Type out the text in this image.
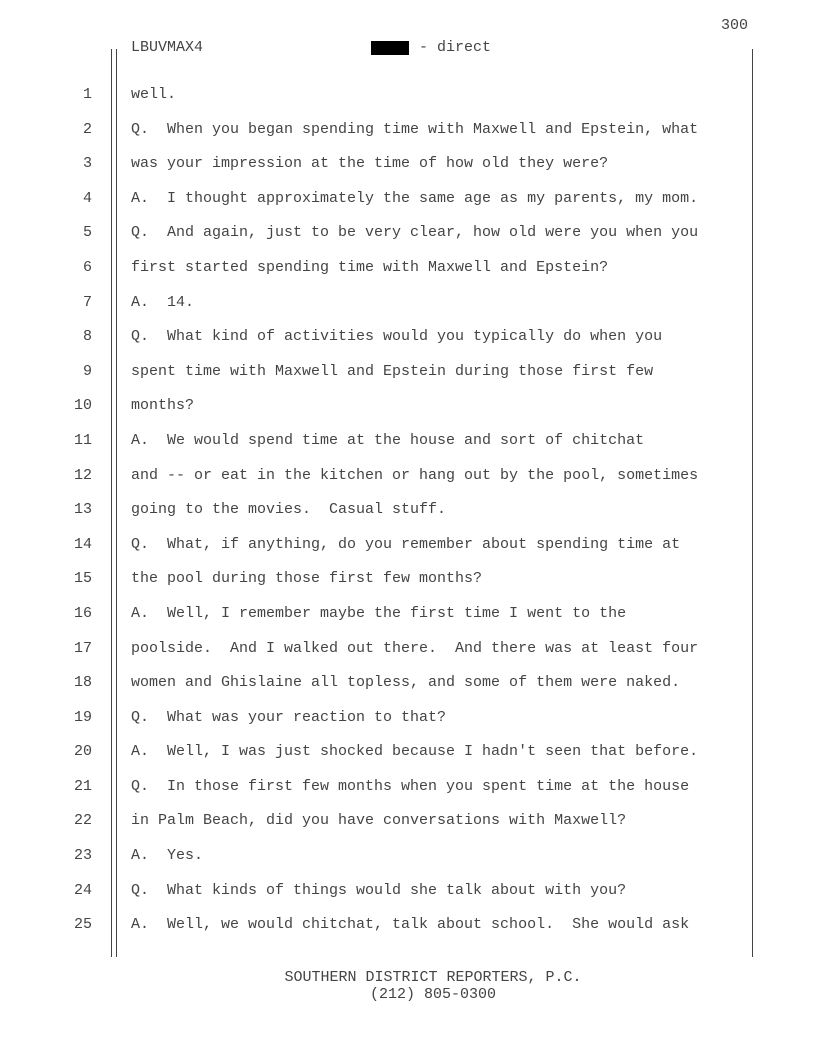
300
LBUVMAX4	- direct
1	well.
2	Q.  When you began spending time with Maxwell and Epstein, what
3	was your impression at the time of how old they were?
4	A.  I thought approximately the same age as my parents, my mom.
5	Q.  And again, just to be very clear, how old were you when you
6	first started spending time with Maxwell and Epstein?
7	A.  14.
8	Q.  What kind of activities would you typically do when you
9	spent time with Maxwell and Epstein during those first few
10	months?
11	A.  We would spend time at the house and sort of chitchat
12	and -- or eat in the kitchen or hang out by the pool, sometimes
13	going to the movies.  Casual stuff.
14	Q.  What, if anything, do you remember about spending time at
15	the pool during those first few months?
16	A.  Well, I remember maybe the first time I went to the
17	poolside.  And I walked out there.  And there was at least four
18	women and Ghislaine all topless, and some of them were naked.
19	Q.  What was your reaction to that?
20	A.  Well, I was just shocked because I hadn't seen that before.
21	Q.  In those first few months when you spent time at the house
22	in Palm Beach, did you have conversations with Maxwell?
23	A.  Yes.
24	Q.  What kinds of things would she talk about with you?
25	A.  Well, we would chitchat, talk about school.  She would ask
SOUTHERN DISTRICT REPORTERS, P.C.
(212) 805-0300
